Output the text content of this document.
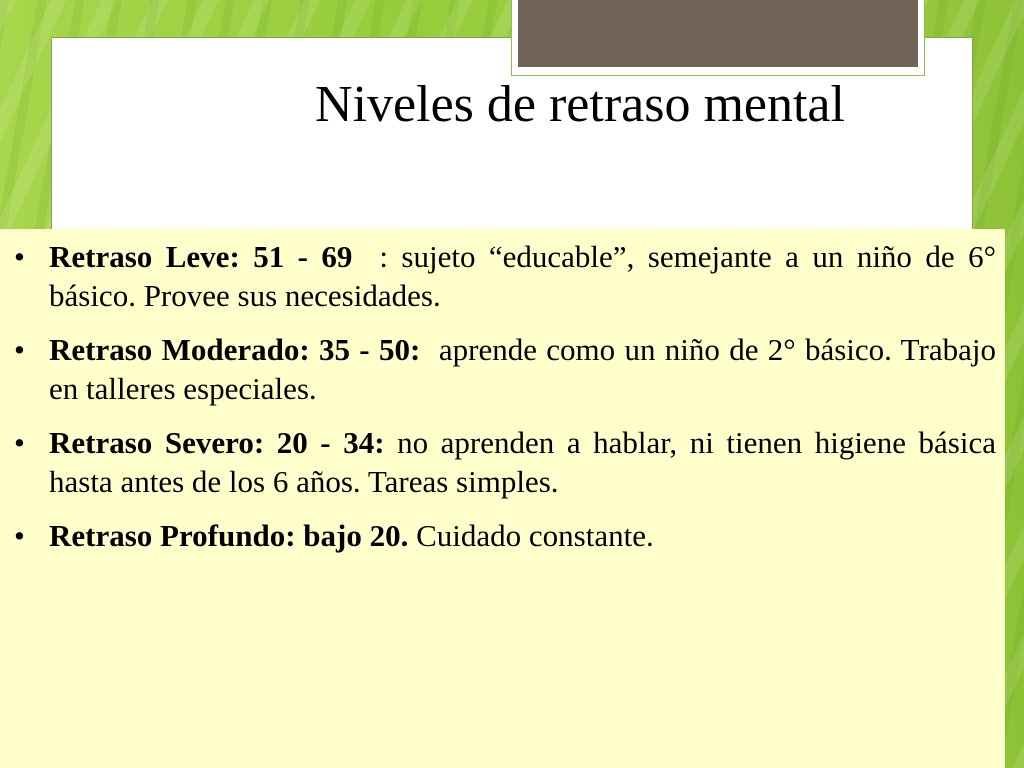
Niveles de retraso mental
• Retraso Leve: 51 - 69  : sujeto “educable”, semejante a un niño de 6° básico. Provee sus necesidades.
• Retraso Moderado: 35 - 50:  aprende como un niño de 2° básico. Trabajo en talleres especiales.
• Retraso Severo: 20 - 34: no aprenden a hablar, ni tienen higiene básica hasta antes de los 6 años. Tareas simples.
• Retraso Profundo: bajo 20. Cuidado constante.
